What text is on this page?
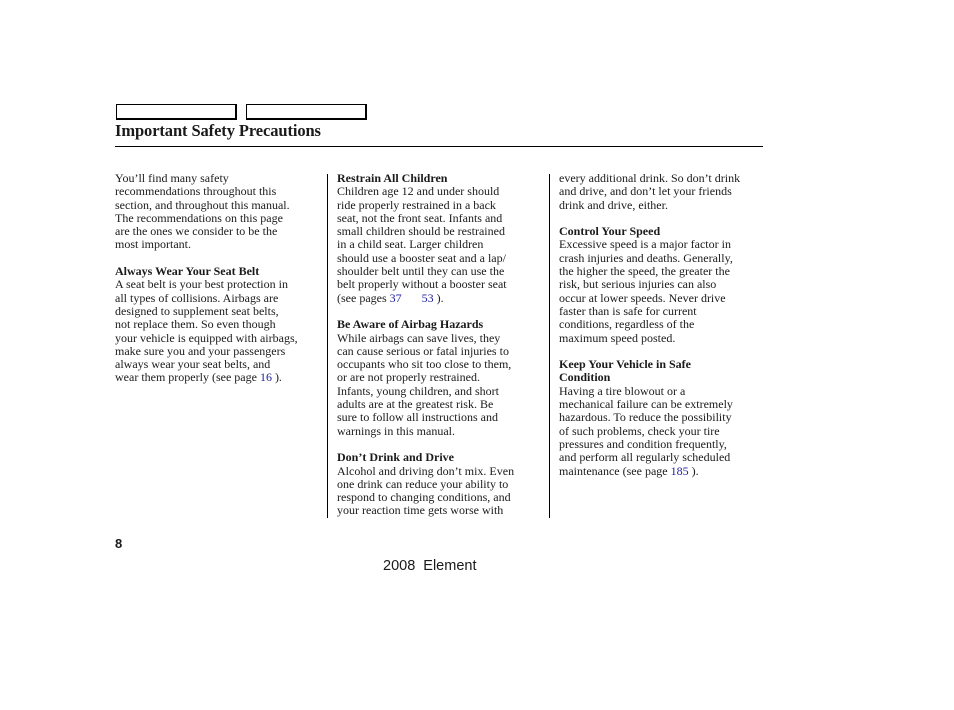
Important Safety Precautions

You’ll find many safety
recommendations throughout this
section, and throughout this manual.
The recommendations on this page
are the ones we consider to be the
most important.

Always Wear Your Seat Belt

A seat belt is your best protection in
all types of collisions. Airbags are
designed to supplement seat belts,
not replace them. So even though
your vehicle is equipped with airbags,
make sure you and your passengers
always wear your seat belts, and
wear them properly (see page 16 ).

Restrain All Children

Children age 12 and under should
ride properly restrained in a back
seat, not the front seat. Infants and
small children should be restrained
in a child seat. Larger children
should use a booster seat and a lap/
shoulder belt until they can use the
belt properly without a booster seat
(see pages 37 53 ).

Be Aware of Airbag Hazards

While airbags can save lives, they
can cause serious or fatal injuries to
occupants who sit too close to them,
or are not properly restrained.
Infants, young children, and short
adults are at the greatest risk. Be
sure to follow all instructions and
warnings in this manual.

Don’t Drink and Drive

Alcohol and driving don’t mix. Even
one drink can reduce your ability to
respond to changing conditions, and
your reaction time gets worse with

every additional drink. So don’t drink
and drive, and don’t let your friends
drink and drive, either.

Control Your Speed

Excessive speed is a major factor in
crash injuries and deaths. Generally,
the higher the speed, the greater the
risk, but serious injuries can also
occur at lower speeds. Never drive
faster than is safe for current
conditions, regardless of the
maximum speed posted.

Keep Your Vehicle in Safe
Condition

Having a tire blowout or a
mechanical failure can be extremely
hazardous. To reduce the possibility
of such problems, check your tire
pressures and condition frequently,
and perform all regularly scheduled
maintenance (see page 185 ).

8
2008 Element
